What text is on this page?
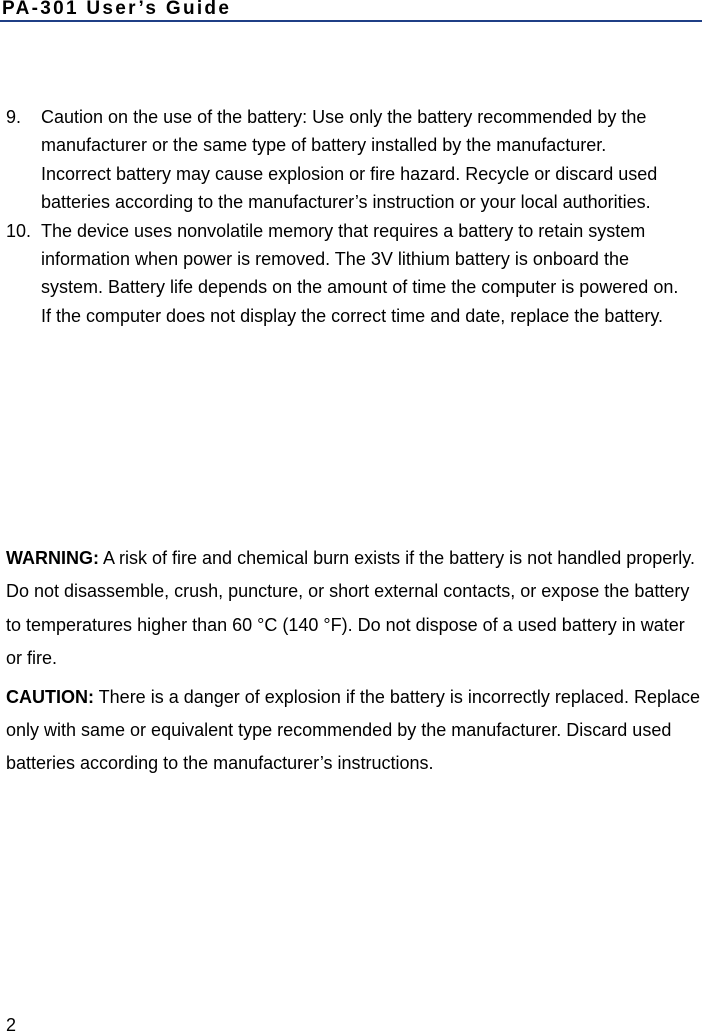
PA-301 User’s Guide
9. Caution on the use of the battery: Use only the battery recommended by the manufacturer or the same type of battery installed by the manufacturer. Incorrect battery may cause explosion or fire hazard. Recycle or discard used batteries according to the manufacturer’s instruction or your local authorities.
10. The device uses nonvolatile memory that requires a battery to retain system information when power is removed. The 3V lithium battery is onboard the system. Battery life depends on the amount of time the computer is powered on. If the computer does not display the correct time and date, replace the battery.

WARNING: A risk of fire and chemical burn exists if the battery is not handled properly. Do not disassemble, crush, puncture, or short external contacts, or expose the battery to temperatures higher than 60 °C (140 °F). Do not dispose of a used battery in water or fire.

CAUTION: There is a danger of explosion if the battery is incorrectly replaced. Replace only with same or equivalent type recommended by the manufacturer. Discard used batteries according to the manufacturer’s instructions.

2
